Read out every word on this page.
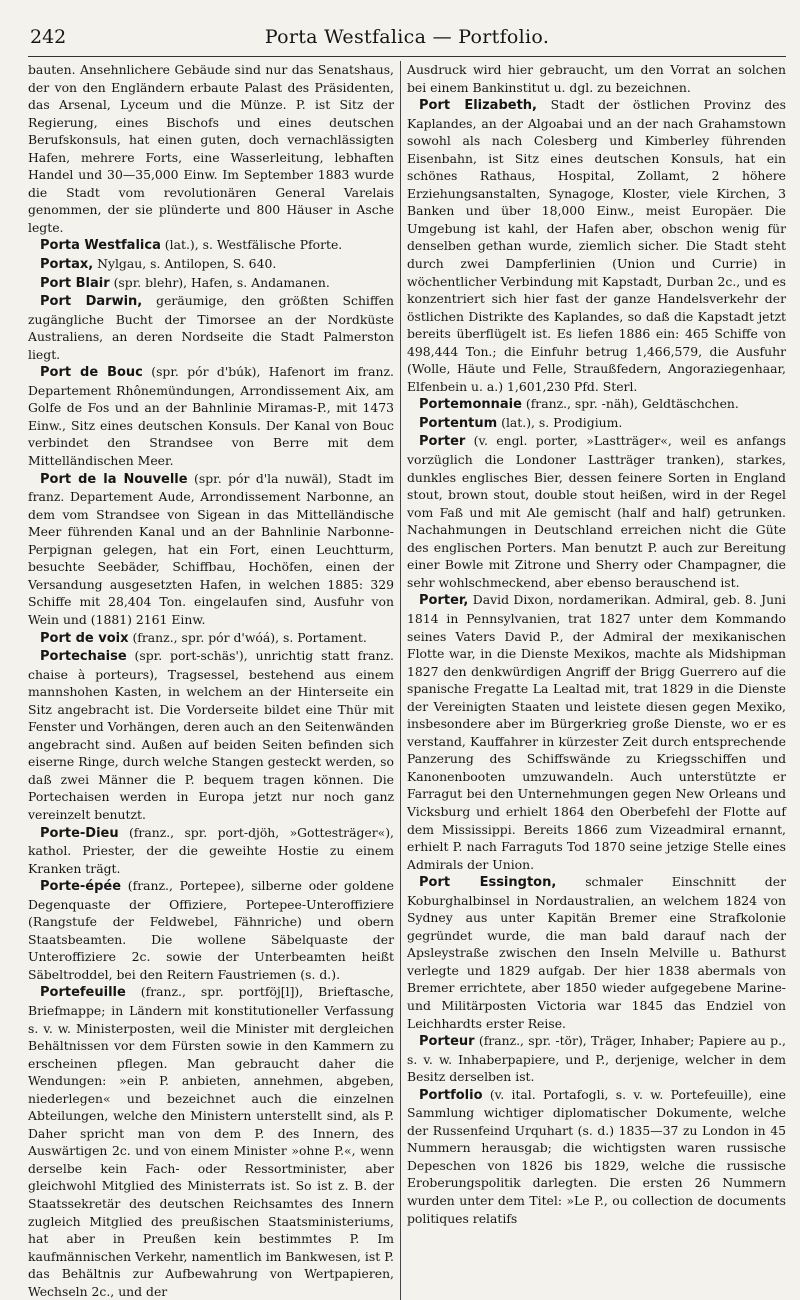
242	Porta Westfalica — Portfolio.

bauten. Ansehnlichere Gebäude sind nur das Senatshaus, der von den Engländern erbaute Palast des Präsidenten, das Arsenal, Lyceum und die Münze. P. ist Sitz der Regierung, eines Bischofs und eines deutschen Berufskonsuls, hat einen guten, doch vernachlässigten Hafen, mehrere Forts, eine Wasserleitung, lebhaften Handel und 30—35,000 Einw. Im September 1883 wurde die Stadt vom revolutionären General Varelais genommen, der sie plünderte und 800 Häuser in Asche legte.

Porta Westfalica (lat.), s. Westfälische Pforte.

Portax, Nylgau, s. Antilopen, S. 640.

Port Blair (spr. blehr), Hafen, s. Andamanen.

Port Darwin, geräumige, den größten Schiffen zugängliche Bucht der Timorsee an der Nordküste Australiens, an deren Nordseite die Stadt Palmerston liegt.

Port de Bouc (spr. pór d'búk), Hafenort im franz. Departement Rhônemündungen, Arrondissement Aix, am Golfe de Fos und an der Bahnlinie Miramas-P., mit 1473 Einw., Sitz eines deutschen Konsuls. Der Kanal von Bouc verbindet den Strandsee von Berre mit dem Mittelländischen Meer.

Port de la Nouvelle (spr. pór d'la nuwäl), Stadt im franz. Departement Aude, Arrondissement Narbonne, an dem vom Strandsee von Sigean in das Mittelländische Meer führenden Kanal und an der Bahnlinie Narbonne-Perpignan gelegen, hat ein Fort, einen Leuchtturm, besuchte Seebäder, Schiffbau, Hochöfen, einen der Versandung ausgesetzten Hafen, in welchen 1885: 329 Schiffe mit 28,404 Ton. eingelaufen sind, Ausfuhr von Wein und (1881) 2161 Einw.

Port de voix (franz., spr. pór d'wóá), s. Portament.

Portechaise (spr. port-schäs'), unrichtig statt franz. chaise à porteurs), Tragsessel, bestehend aus einem mannshohen Kasten, in welchem an der Hinterseite ein Sitz angebracht ist. Die Vorderseite bildet eine Thür mit Fenster und Vorhängen, deren auch an den Seitenwänden angebracht sind. Außen auf beiden Seiten befinden sich eiserne Ringe, durch welche Stangen gesteckt werden, so daß zwei Männer die P. bequem tragen können. Die Portechaisen werden in Europa jetzt nur noch ganz vereinzelt benutzt.

Porte-Dieu (franz., spr. port-djöh, »Gottesträger«), kathol. Priester, der die geweihte Hostie zu einem Kranken trägt.

Porte-épée (franz., Portepee), silberne oder goldene Degenquaste der Offiziere, Portepee-Unteroffiziere (Rangstufe der Feldwebel, Fähnriche) und obern Staatsbeamten. Die wollene Säbelquaste der Unteroffiziere 2c. sowie der Unterbeamten heißt Säbeltroddel, bei den Reitern Faustriemen (s. d.).

Portefeuille (franz., spr. portföj[l]), Brieftasche, Briefmappe; in Ländern mit konstitutioneller Verfassung s. v. w. Ministerposten, weil die Minister mit dergleichen Behältnissen vor dem Fürsten sowie in den Kammern zu erscheinen pflegen. Man gebraucht daher die Wendungen: »ein P. anbieten, annehmen, abgeben, niederlegen« und bezeichnet auch die einzelnen Abteilungen, welche den Ministern unterstellt sind, als P. Daher spricht man von dem P. des Innern, des Auswärtigen 2c. und von einem Minister »ohne P.«, wenn derselbe kein Fach- oder Ressortminister, aber gleichwohl Mitglied des Ministerrats ist. So ist z. B. der Staatssekretär des deutschen Reichsamtes des Innern zugleich Mitglied des preußischen Staatsministeriums, hat aber in Preußen kein bestimmtes P. Im kaufmännischen Verkehr, namentlich im Bankwesen, ist P. das Behältnis zur Aufbewahrung von Wertpapieren, Wechseln 2c., und der

Ausdruck wird hier gebraucht, um den Vorrat an solchen bei einem Bankinstitut u. dgl. zu bezeichnen.

Port Elizabeth, Stadt der östlichen Provinz des Kaplandes, an der Algoabai und an der nach Grahamstown sowohl als nach Colesberg und Kimberley führenden Eisenbahn, ist Sitz eines deutschen Konsuls, hat ein schönes Rathaus, Hospital, Zollamt, 2 höhere Erziehungsanstalten, Synagoge, Kloster, viele Kirchen, 3 Banken und über 18,000 Einw., meist Europäer. Die Umgebung ist kahl, der Hafen aber, obschon wenig für denselben gethan wurde, ziemlich sicher. Die Stadt steht durch zwei Dampferlinien (Union und Currie) in wöchentlicher Verbindung mit Kapstadt, Durban 2c., und es konzentriert sich hier fast der ganze Handelsverkehr der östlichen Distrikte des Kaplandes, so daß die Kapstadt jetzt bereits überflügelt ist. Es liefen 1886 ein: 465 Schiffe von 498,444 Ton.; die Einfuhr betrug 1,466,579, die Ausfuhr (Wolle, Häute und Felle, Straußfedern, Angoraziegenhaar, Elfenbein u. a.) 1,601,230 Pfd. Sterl.

Portemonnaie (franz., spr. -näh), Geldtäschchen.

Portentum (lat.), s. Prodigium.

Porter (v. engl. porter, »Lastträger«, weil es anfangs vorzüglich die Londoner Lastträger tranken), starkes, dunkles englisches Bier, dessen feinere Sorten in England stout, brown stout, double stout heißen, wird in der Regel vom Faß und mit Ale gemischt (half and half) getrunken. Nachahmungen in Deutschland erreichen nicht die Güte des englischen Porters. Man benutzt P. auch zur Bereitung einer Bowle mit Zitrone und Sherry oder Champagner, die sehr wohlschmeckend, aber ebenso berauschend ist.

Porter, David Dixon, nordamerikan. Admiral, geb. 8. Juni 1814 in Pennsylvanien, trat 1827 unter dem Kommando seines Vaters David P., der Admiral der mexikanischen Flotte war, in die Dienste Mexikos, machte als Midshipman 1827 den denkwürdigen Angriff der Brigg Guerrero auf die spanische Fregatte La Lealtad mit, trat 1829 in die Dienste der Vereinigten Staaten und leistete diesen gegen Mexiko, insbesondere aber im Bürgerkrieg große Dienste, wo er es verstand, Kauffahrer in kürzester Zeit durch entsprechende Panzerung des Schiffswände zu Kriegsschiffen und Kanonenbooten umzuwandeln. Auch unterstützte er Farragut bei den Unternehmungen gegen New Orleans und Vicksburg und erhielt 1864 den Oberbefehl der Flotte auf dem Mississippi. Bereits 1866 zum Vizeadmiral ernannt, erhielt P. nach Farraguts Tod 1870 seine jetzige Stelle eines Admirals der Union.

Port Essington, schmaler Einschnitt der Koburghalbinsel in Nordaustralien, an welchem 1824 von Sydney aus unter Kapitän Bremer eine Strafkolonie gegründet wurde, die man bald darauf nach der Apsleystraße zwischen den Inseln Melville u. Bathurst verlegte und 1829 aufgab. Der hier 1838 abermals von Bremer errichtete, aber 1850 wieder aufgegebene Marine- und Militärposten Victoria war 1845 das Endziel von Leichhardts erster Reise.

Porteur (franz., spr. -tör), Träger, Inhaber; Papiere au p., s. v. w. Inhaberpapiere, und P., derjenige, welcher in dem Besitz derselben ist.

Portfolio (v. ital. Portafogli, s. v. w. Portefeuille), eine Sammlung wichtiger diplomatischer Dokumente, welche der Russenfeind Urquhart (s. d.) 1835—37 zu London in 45 Nummern herausgab; die wichtigsten waren russische Depeschen von 1826 bis 1829, welche die russische Eroberungspolitik darlegten. Die ersten 26 Nummern wurden unter dem Titel: »Le P., ou collection de documents politiques relatifs
